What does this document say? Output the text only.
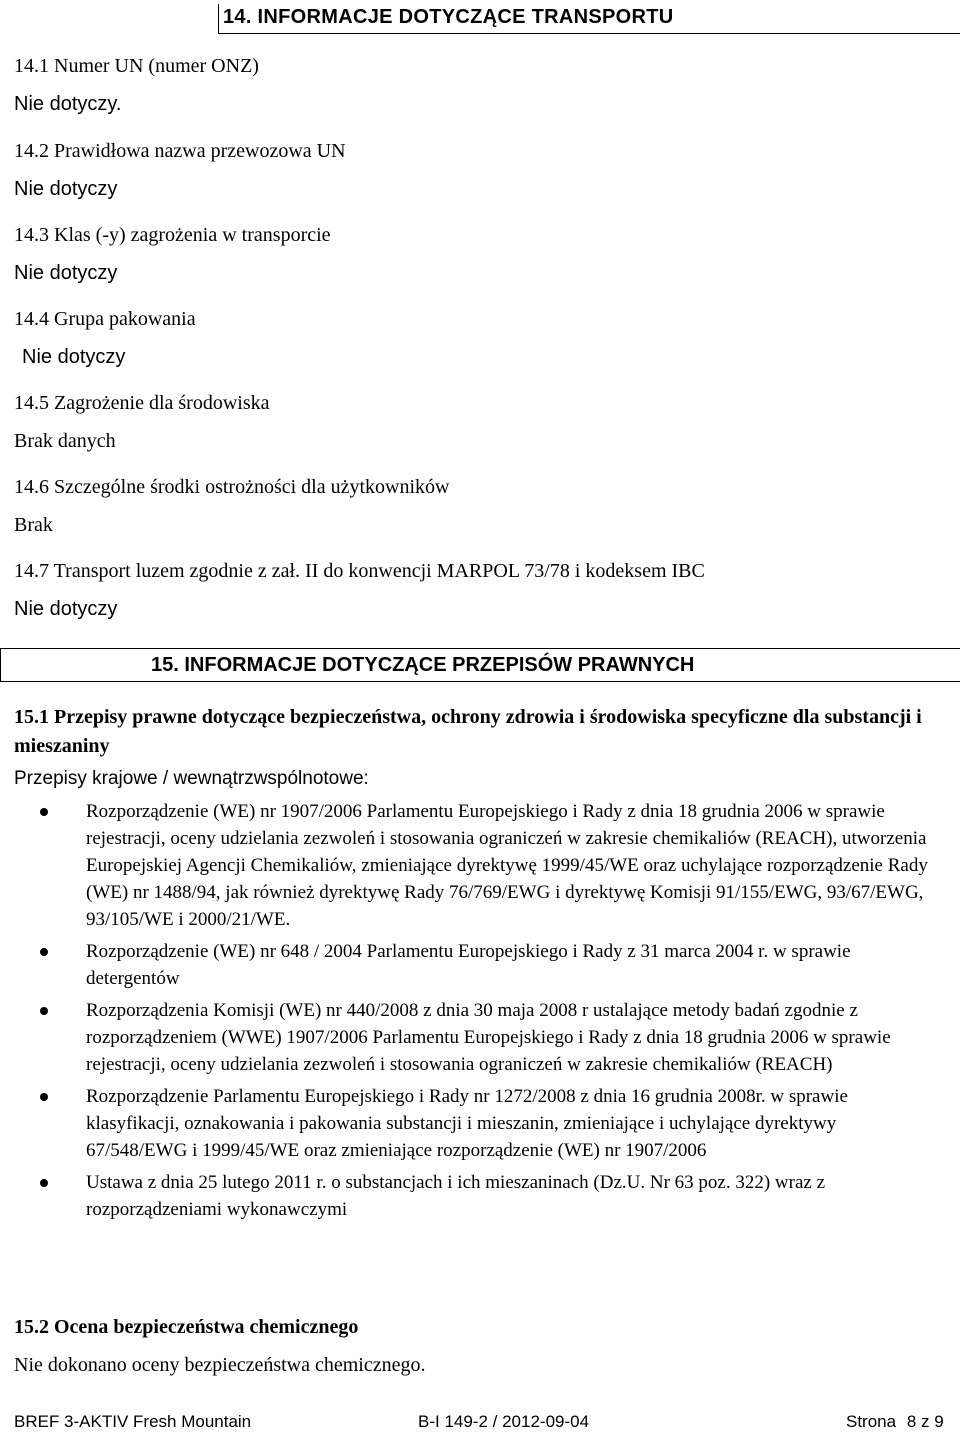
14. INFORMACJE DOTYCZĄCE TRANSPORTU
14.1 Numer UN (numer ONZ)
Nie dotyczy.
14.2 Prawidłowa nazwa przewozowa UN
Nie dotyczy
14.3 Klas (-y) zagrożenia w transporcie
Nie dotyczy
14.4 Grupa pakowania
Nie dotyczy
14.5 Zagrożenie dla środowiska
Brak danych
14.6 Szczególne środki ostrożności dla użytkowników
Brak
14.7 Transport luzem zgodnie z zał. II do konwencji MARPOL 73/78 i kodeksem IBC
Nie dotyczy
15. INFORMACJE DOTYCZĄCE PRZEPISÓW PRAWNYCH
15.1 Przepisy prawne dotyczące bezpieczeństwa, ochrony zdrowia i środowiska specyficzne dla substancji i mieszaniny
Przepisy krajowe / wewnątrzwspólnotowe:
Rozporządzenie (WE) nr 1907/2006 Parlamentu Europejskiego i Rady z dnia 18 grudnia 2006 w sprawie rejestracji, oceny udzielania zezwoleń i stosowania ograniczeń w zakresie chemikaliów (REACH), utworzenia Europejskiej Agencji Chemikaliów, zmieniające dyrektywę 1999/45/WE oraz uchylające rozporządzenie Rady (WE) nr 1488/94, jak również dyrektywę Rady 76/769/EWG i dyrektywę Komisji 91/155/EWG, 93/67/EWG, 93/105/WE i 2000/21/WE.
Rozporządzenie (WE) nr 648 / 2004 Parlamentu Europejskiego i Rady z 31 marca 2004 r. w sprawie detergentów
Rozporządzenia Komisji (WE) nr 440/2008 z dnia 30 maja 2008 r ustalające metody badań zgodnie z rozporządzeniem (WWE) 1907/2006 Parlamentu Europejskiego i Rady z dnia 18 grudnia 2006 w sprawie rejestracji, oceny udzielania zezwoleń i stosowania ograniczeń w zakresie chemikaliów (REACH)
Rozporządzenie Parlamentu Europejskiego i Rady nr 1272/2008 z dnia 16 grudnia 2008r. w sprawie klasyfikacji, oznakowania i pakowania substancji i mieszanin, zmieniające i uchylające dyrektywy 67/548/EWG i 1999/45/WE oraz zmieniające rozporządzenie (WE) nr 1907/2006
Ustawa z dnia 25 lutego 2011 r. o substancjach i ich mieszaninach (Dz.U. Nr 63 poz. 322) wraz z rozporządzeniami wykonawczymi
15.2 Ocena bezpieczeństwa chemicznego
Nie dokonano oceny bezpieczeństwa chemicznego.
BREF 3-AKTIV Fresh Mountain	B-I 149-2 / 2012-09-04	Strona 8 z 9
